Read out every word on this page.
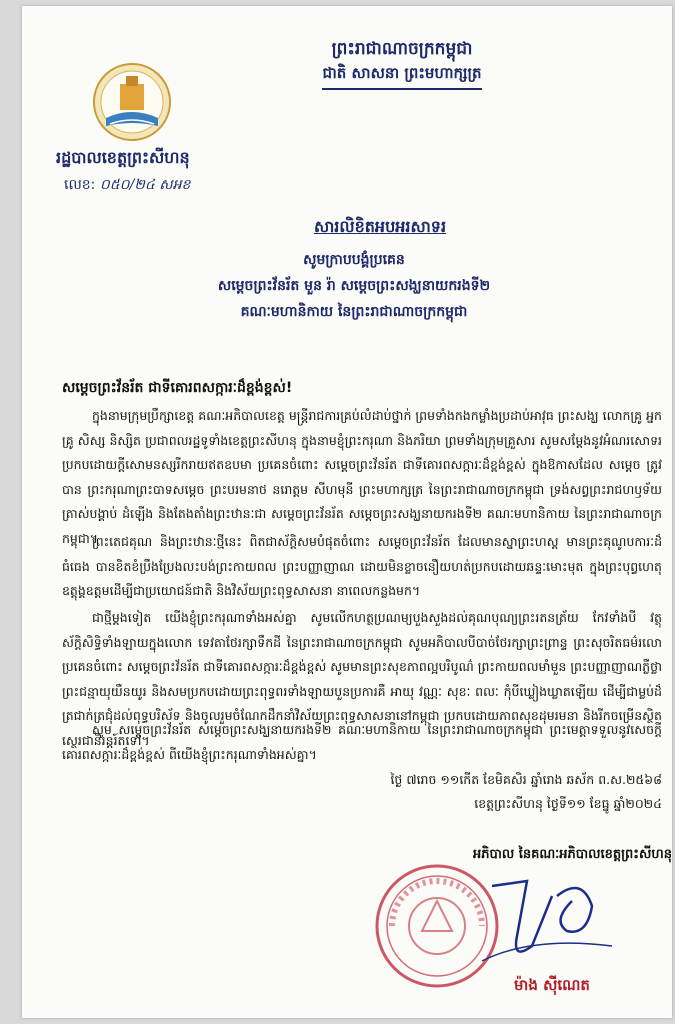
ព្រះរាជាណាចក្រកម្ពុជា
ជាតិ សាសនា ព្រះមហាក្សត្រ
រដ្ឋបាលខេត្តព្រះសីហនុ
លេខ: ០៥០/២៤ សអខ
សារលិខិតអបអរសាទរ
សូមក្រាបបង្គំប្រគេន
សម្តេចព្រះវ័នរ័ត មួន រ៉ា សម្តេចព្រះសង្ឃនាយករងទី២
គណៈមហានិកាយ នៃព្រះរាជាណាចក្រកម្ពុជា
សម្តេចព្រះវ័នរ័ត ជាទីគោរពសក្ការៈដ៏ខ្ពង់ខ្ពស់!
ក្នុងនាមក្រុមប្រឹក្សាខេត្ត គណៈអភិបាលខេត្ត មន្ត្រីរាជការគ្រប់លំដាប់ថ្នាក់ ព្រមទាំងកងកម្លាំងប្រដាប់អាវុធ ព្រះសង្ឃ លោកគ្រូ អ្នកគ្រូ សិស្ស និស្សិត ប្រជាពលរដ្ឋទូទាំងខេត្តព្រះសីហនុ ក្នុងនាមខ្ញុំព្រះករុណា និងភរិយា ព្រមទាំងក្រុមគ្រួសារ សូមសម្តែងនូវអំណរសោទរប្រកបដោយក្តីសោមនស្សរីករាយឥតឧបមា ប្រគេនចំពោះ សម្តេចព្រះវ័នរ័ត ជាទីគោរពសក្ការៈដ៏ខ្ពង់ខ្ពស់ ក្នុងឱកាសដែល សម្តេច ត្រូវបាន ព្រះករុណាព្រះបាទសម្តេច ព្រះបរមនាថ នរោត្តម សីហមុនី ព្រះមហាក្សត្រ នៃព្រះរាជាណាចក្រកម្ពុជា ទ្រង់សព្វព្រះរាជហឫទ័យត្រាស់បង្គាប់ ដំឡើង និងតែងតាំងព្រះឋានៈជា សម្តេចព្រះវ័នរ័ត សម្តេចព្រះសង្ឃនាយករងទី២ គណៈមហានិកាយ នៃព្រះរាជាណាចក្រកម្ពុជា។
ព្រះតេជគុណ និងព្រះឋានៈថ្មីនេះ ពិតជាស័ក្តិសមបំផុតចំពោះ សម្តេចព្រះវ័នរ័ត ដែលមានស្នាព្រះហស្ត មានព្រះគុណូបការៈដ៏ធំធេង បានខិតខំប្រឹងប្រែងលះបង់ព្រះកាយពល ព្រះបញ្ញាញាណ ដោយមិនខ្លាចនឿយហត់ប្រកបដោយឆន្ទៈមោះមុត ក្នុងព្រះបុព្វហេតុឧត្តុង្គឧត្តមដើម្បីជាប្រយោជន៍ជាតិ និងវិស័យព្រះពុទ្ធសាសនា នាពេលកន្លងមក។
ជាថ្មីម្តងទៀត យើងខ្ញុំព្រះករុណាទាំងអស់គ្នា សូមលើកហត្ថប្រណម្យបួងសួងដល់គុណបុណ្យព្រះរតនត្រ័យ កែវទាំងបី វត្ថុស័ក្តិសិទ្ធិទាំងឡាយក្នុងលោក ទេវតាថែរក្សាទឹកដី នៃព្រះរាជាណាចក្រកម្ពុជា សូមអភិបាលបីបាច់ថែរក្សាព្រះព្រាន្ទ ព្រះសុចរិតធម៌រលោ ប្រគេនចំពោះ សម្តេចព្រះវ័នរ័ត ជាទីគោរពសក្ការៈដ៏ខ្ពង់ខ្ពស់ សូមមានព្រះសុខភាពល្អបរិបូណ៌ ព្រះកាយពលមាំមួន ព្រះបញ្ញាញាណភ្លឺថ្លា ព្រះជន្មាយុយឺនយូរ និងសមប្រកបដោយព្រះពុទ្ធពរទាំងឡាយបួនប្រការគឺ អាយុ វណ្ណៈ សុខៈ ពលៈ កុំបីឃ្លៀងឃ្លាតឡើយ ដើម្បីជាម្លប់ដ៏ត្រជាក់ត្រជុំដល់ពុទ្ធបរិស័ទ និងចូលរួមចំណែកដឹកនាំវិស័យព្រះពុទ្ធសាសនានៅកម្ពុជា ប្រកបដោយភាពសុខដុមរមនា និងរីកចម្រើនស្ថិតស្ថេរជានិរន្តរ៍តទៅ។
សូម សម្តេចព្រះវ័នរ័ត សម្តេចព្រះសង្ឃនាយករងទី២ គណៈមហានិកាយ នៃព្រះរាជាណាចក្រកម្ពុជា ព្រះមេត្តាទទួលនូវសេចក្តីគោរពសក្ការៈដ៏ខ្ពង់ខ្ពស់ ពីយើងខ្ញុំព្រះករុណាទាំងអស់គ្នា។
ថ្ងៃ ៧រោច ១១កើត ខែមិគសិរ ឆ្នាំរោង ឆស័ក ព.ស.២៥៦៨
ខេត្តព្រះសីហនុ ថ្ងៃទី១១ ខែធ្នូ ឆ្នាំ២០២៤
អភិបាល នៃគណៈអភិបាលខេត្តព្រះសីហនុ
ម៉ាង ស៊ីណេត
